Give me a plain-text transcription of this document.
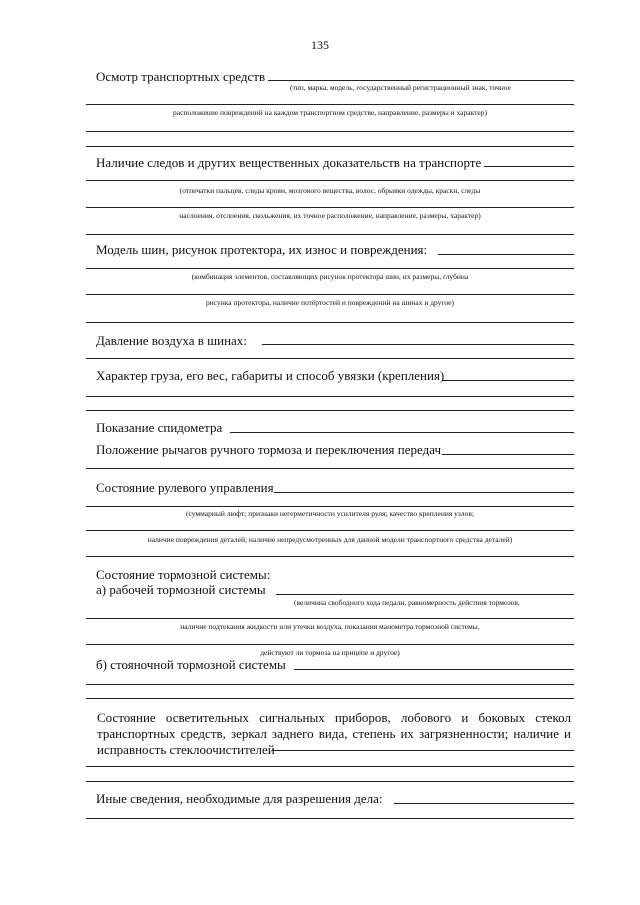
135
Осмотр транспортных средств
(тип, марка, модель, государственный регистрационный знак, точное
расположение повреждений на каждом транспортном средстве, направление, размеры и характер)
Наличие следов и других вещественных доказательств на транспорте
(отпечатки пальцев, следы крови, мозгового вещества, волос, обрывки одежды, краски, следы
наслоения, отслоения, скольжения, их точное расположение, направление, размеры, характер)
Модель шин, рисунок протектора, их износ и повреждения:
(комбинация элементов, составляющих рисунок протектора шин, их размеры, глубина
рисунка протектора, наличие потёртостей и повреждений на шинах и другое)
Давление воздуха в шинах:
Характер груза, его вес, габариты и способ увязки (крепления)
Показание спидометра
Положение рычагов ручного тормоза и переключения передач
Состояние рулевого управления
(суммарный люфт; признаки негерметичности усилителя руля; качество крепления узлов;
наличие повреждения деталей; наличие непредусмотренных для данной модели транспортного средства деталей)
Состояние тормозной системы:
а) рабочей тормозной системы
(величина свободного хода педали, равномерность действия тормозов,
наличие подтекания жидкости или утечки воздуха, показания манометра тормозной системы,
действуют ли тормоза на прицепе и другое)
б) стояночной тормозной системы
Состояние осветительных сигнальных приборов, лобового и боковых стекол транспортных средств, зеркал заднего вида, степень их загрязненности; наличие и исправность стеклоочистителей
Иные сведения, необходимые для разрешения дела:
